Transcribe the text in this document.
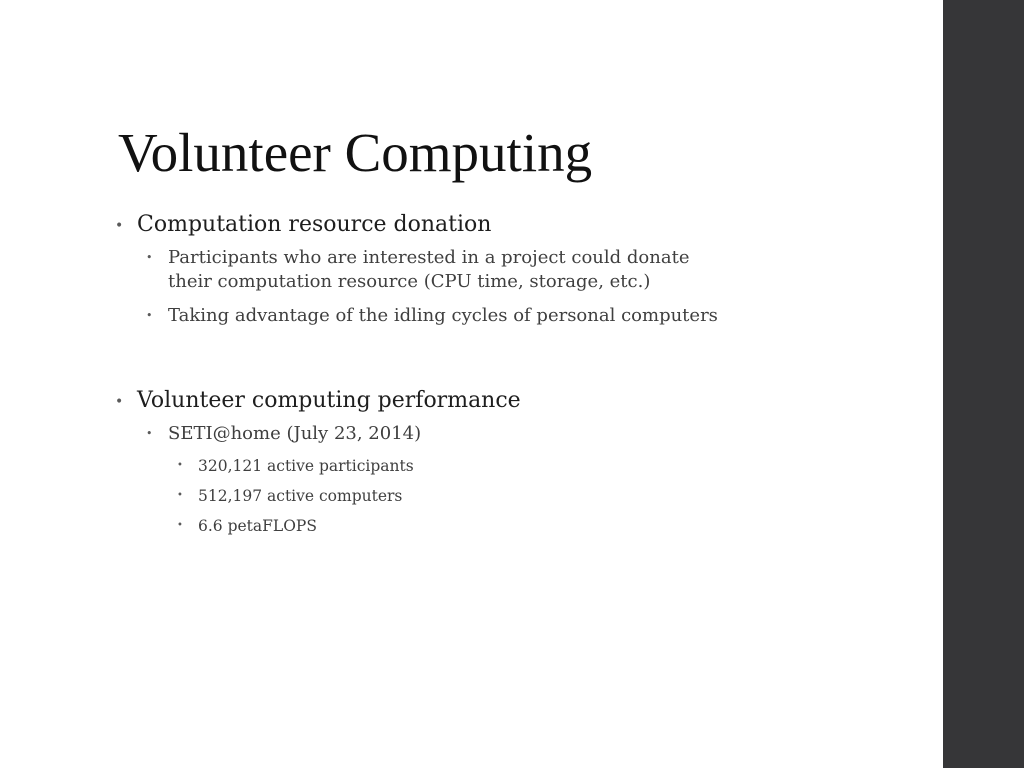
Volunteer Computing
• Computation resource donation
• Participants who are interested in a project could donate
their computation resource (CPU time, storage, etc.)
• Taking advantage of the idling cycles of personal computers
• Volunteer computing performance
• SETI@home (July 23, 2014)
• 320,121 active participants
• 512,197 active computers
• 6.6 petaFLOPS
